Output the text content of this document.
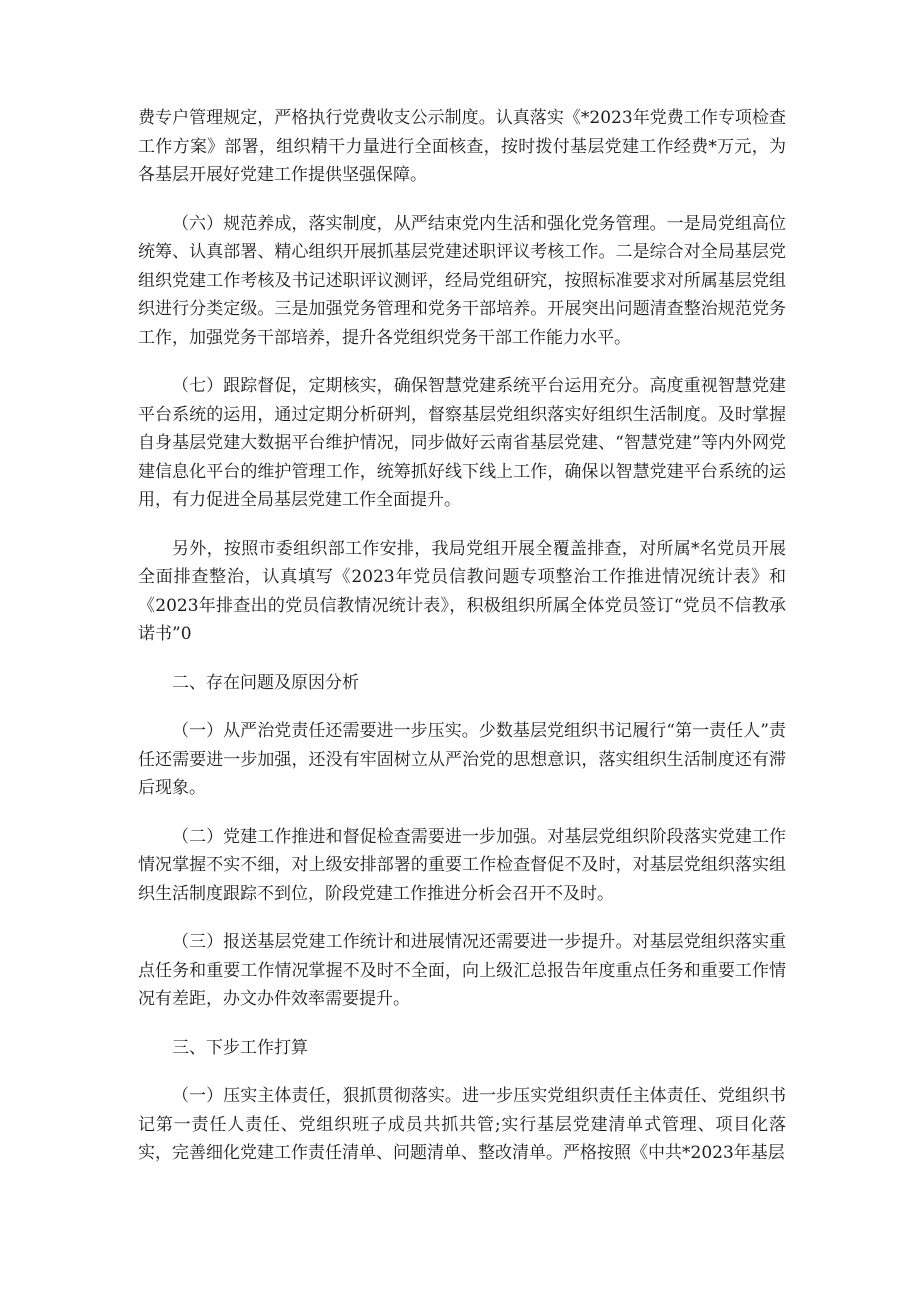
费专户管理规定，严格执行党费收支公示制度。认真落实《*2023年党费工作专项检查工作方案》部署，组织精干力量进行全面核查，按时拨付基层党建工作经费*万元，为各基层开展好党建工作提供坚强保障。

（六）规范养成，落实制度，从严结束党内生活和强化党务管理。一是局党组高位统筹、认真部署、精心组织开展抓基层党建述职评议考核工作。二是综合对全局基层党组织党建工作考核及书记述职评议测评，经局党组研究，按照标准要求对所属基层党组织进行分类定级。三是加强党务管理和党务干部培养。开展突出问题清查整治规范党务工作，加强党务干部培养，提升各党组织党务干部工作能力水平。

（七）跟踪督促，定期核实，确保智慧党建系统平台运用充分。高度重视智慧党建平台系统的运用，通过定期分析研判，督察基层党组织落实好组织生活制度。及时掌握自身基层党建大数据平台维护情况，同步做好云南省基层党建、“智慧党建”等内外网党建信息化平台的维护管理工作，统筹抓好线下线上工作，确保以智慧党建平台系统的运用，有力促进全局基层党建工作全面提升。

另外，按照市委组织部工作安排，我局党组开展全覆盖排查，对所属*名党员开展全面排查整治，认真填写《2023年党员信教问题专项整治工作推进情况统计表》和《2023年排查出的党员信教情况统计表》，积极组织所属全体党员签订“党员不信教承诺书”0

二、存在问题及原因分析

（一）从严治党责任还需要进一步压实。少数基层党组织书记履行“第一责任人”责任还需要进一步加强，还没有牢固树立从严治党的思想意识，落实组织生活制度还有滞后现象。

（二）党建工作推进和督促检查需要进一步加强。对基层党组织阶段落实党建工作情况掌握不实不细，对上级安排部署的重要工作检查督促不及时，对基层党组织落实组织生活制度跟踪不到位，阶段党建工作推进分析会召开不及时。

（三）报送基层党建工作统计和进展情况还需要进一步提升。对基层党组织落实重点任务和重要工作情况掌握不及时不全面，向上级汇总报告年度重点任务和重要工作情况有差距，办文办件效率需要提升。

三、下步工作打算

（一）压实主体责任，狠抓贯彻落实。进一步压实党组织责任主体责任、党组织书记第一责任人责任、党组织班子成员共抓共管;实行基层党建清单式管理、项目化落实，完善细化党建工作责任清单、问题清单、整改清单。严格按照《中共*2023年基层
